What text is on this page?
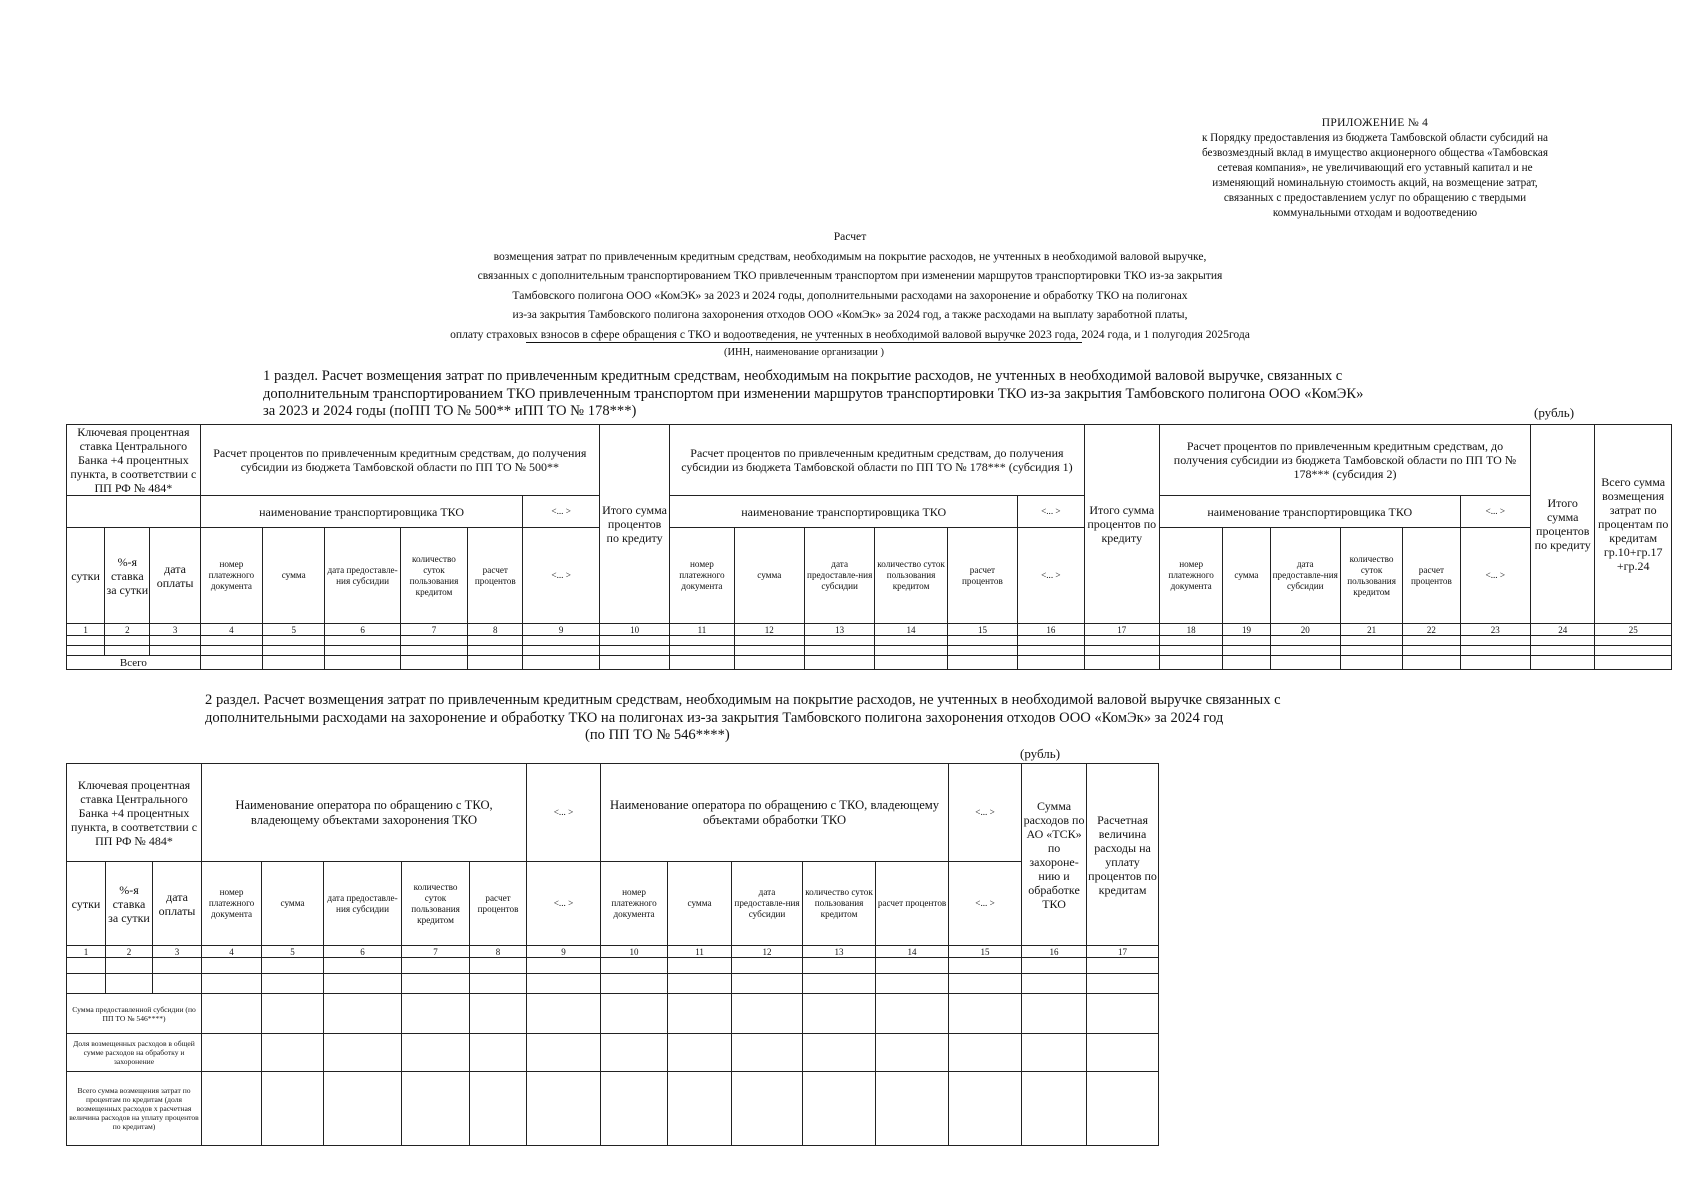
ПРИЛОЖЕНИЕ № 4
к Порядку предоставления из бюджета Тамбовской области субсидий на
безвозмездный вклад в имущество акционерного общества «Тамбовская
сетевая компания», не увеличивающий его уставный капитал и не
изменяющий номинальную стоимость акций, на возмещение затрат,
связанных с предоставлением услуг по обращению с твердыми
коммунальными отходам и водоотведению
Расчет
возмещения затрат по привлеченным кредитным средствам, необходимым на покрытие расходов, не учтенных в необходимой валовой выручке,
связанных с дополнительным транспортированием ТКО привлеченным транспортом при изменении маршрутов транспортировки ТКО из-за закрытия
Тамбовского полигона ООО «КомЭК» за 2023 и 2024 годы, дополнительными расходами на захоронение и обработку ТКО на полигонах
из-за закрытия Тамбовского полигона захоронения отходов ООО «КомЭк» за 2024 год, а также расходами на выплату заработной платы,
оплату страховых взносов в сфере обращения с ТКО и водоотведения, не учтенных в необходимой валовой выручке 2023 года, 2024 года, и 1 полугодия 2025года
(ИНН, наименование организации )
1 раздел. Расчет возмещения затрат по привлеченным кредитным средствам, необходимым на покрытие расходов, не учтенных в необходимой валовой выручке, связанных с
дополнительным транспортированием ТКО привлеченным транспортом при изменении маршрутов транспортировки ТКО из-за закрытия Тамбовского полигона ООО «КомЭК»
за 2023 и 2024 годы (поПП ТО № 500** иПП ТО № 178***)	(рубль)
Ключевая процентная ставка Центрального Банка +4 процентных пункта, в соответствии с ПП РФ № 484*			Расчет процентов по привлеченным кредитным средствам, до получения субсидии из бюджета Тамбовской области по ПП ТО № 500**						Итого сумма процентов по кредиту	Расчет процентов по привлеченным кредитным средствам, до получения субсидии из бюджета Тамбовской области по ПП ТО № 178*** (субсидия 1)						Итого сумма процентов по кредиту	Расчет процентов по привлеченным кредитным средствам, до получения субсидии из бюджета Тамбовской области по ПП ТО № 178*** (субсидия 2)						Итого сумма процентов по кредиту	Всего сумма возмещения затрат по процентам по кредитам гр.10+гр.17 +гр.24
			наименование транспортировщика ТКО					<... >		наименование транспортировщика ТКО					<... >		наименование транспортировщика ТКО					<... >		
сутки	%-я ставка за сутки	дата оплаты	номер платежного документа	сумма	дата предоставле-ния субсидии	количество суток пользования кредитом	расчет процентов	<... >		номер платежного документа	сумма	дата предоставле-ния субсидии	количество суток пользования кредитом	расчет процентов	<... >		номер платежного документа	сумма	дата предоставле-ния субсидии	количество суток пользования кредитом	расчет процентов	<... >		
1	2	3	4	5	6	7	8	9	10	11	12	13	14	15	16	17	18	19	20	21	22	23	24	25

Всего																								
2 раздел. Расчет возмещения затрат по привлеченным кредитным средствам, необходимым на покрытие расходов, не учтенных в необходимой валовой выручке связанных с
дополнительными расходами на захоронение и обработку ТКО на полигонах из-за закрытия Тамбовского полигона захоронения отходов ООО «КомЭк» за 2024 год
(по ПП ТО № 546****)
(рубль)
Ключевая процентная ставка Центрального Банка +4 процентных пункта, в соответствии с ПП РФ № 484*			Наименование оператора по обращению с ТКО, владеющему объектами захоронения ТКО					<... >	Наименование оператора по обращению с ТКО, владеющему объектами обработки ТКО					<... >	Сумма расходов по АО «ТСК» по захороне-нию и обработке ТКО	Расчетная величина расходы на уплату процентов по кредитам
сутки	%-я ставка за сутки	дата оплаты	номер платежного документа	сумма	дата предоставле-ния субсидии	количество суток пользования кредитом	расчет процентов	<... >	номер платежного документа	сумма	дата предоставле-ния субсидии	количество суток пользования кредитом	расчет процентов	<... >		
1	2	3	4	5	6	7	8	9	10	11	12	13	14	15	16	17

Сумма предоставленной субсидии (по ПП ТО № 546****)																
Доля возмещенных расходов в общей сумме расходов на обработку и захоронение																
Всего сумма возмещения затрат по процентам по кредитам (доля возмещенных расходов х расчетная величина расходов на уплату процентов по кредитам)																
